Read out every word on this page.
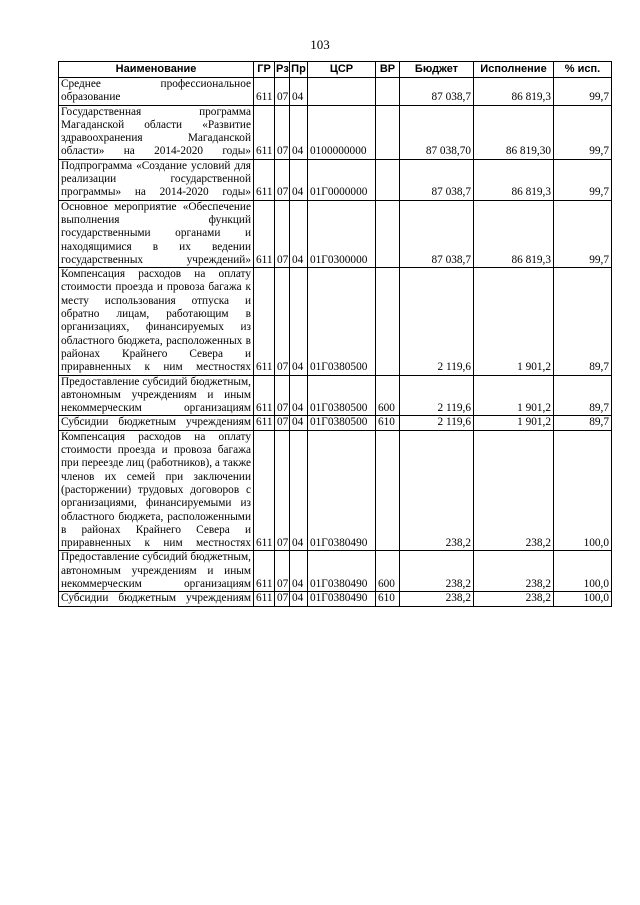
103
Наименование	ГР	Рз	Пр	ЦСР	ВР	Бюджет	Исполнение	% исп.
Среднее профессиональное образование	611	07	04			87 038,7	86 819,3	99,7
Государственная программа Магаданской области «Развитие здравоохранения Магаданской области» на 2014-2020 годы»	611	07	04	0100000000		87 038,70	86 819,30	99,7
Подпрограмма «Создание условий для реализации государственной программы» на 2014-2020 годы»	611	07	04	01Г0000000		87 038,7	86 819,3	99,7
Основное мероприятие «Обеспечение выполнения функций государственными органами и находящимися в их ведении государственных учреждений»	611	07	04	01Г0300000		87 038,7	86 819,3	99,7
Компенсация расходов на оплату стоимости проезда и провоза багажа к месту использования отпуска и обратно лицам, работающим в организациях, финансируемых из областного бюджета, расположенных в районах Крайнего Севера и приравненных к ним местностях	611	07	04	01Г0380500		2 119,6	1 901,2	89,7
Предоставление субсидий бюджетным, автономным учреждениям и иным некоммерческим организациям	611	07	04	01Г0380500	600	2 119,6	1 901,2	89,7
Субсидии бюджетным учреждениям	611	07	04	01Г0380500	610	2 119,6	1 901,2	89,7
Компенсация расходов на оплату стоимости проезда и провоза багажа при переезде лиц (работников), а также членов их семей при заключении (расторжении) трудовых договоров с организациями, финансируемыми из областного бюджета, расположенными в районах Крайнего Севера и приравненных к ним местностях	611	07	04	01Г0380490		238,2	238,2	100,0
Предоставление субсидий бюджетным, автономным учреждениям и иным некоммерческим организациям	611	07	04	01Г0380490	600	238,2	238,2	100,0
Субсидии бюджетным учреждениям	611	07	04	01Г0380490	610	238,2	238,2	100,0
